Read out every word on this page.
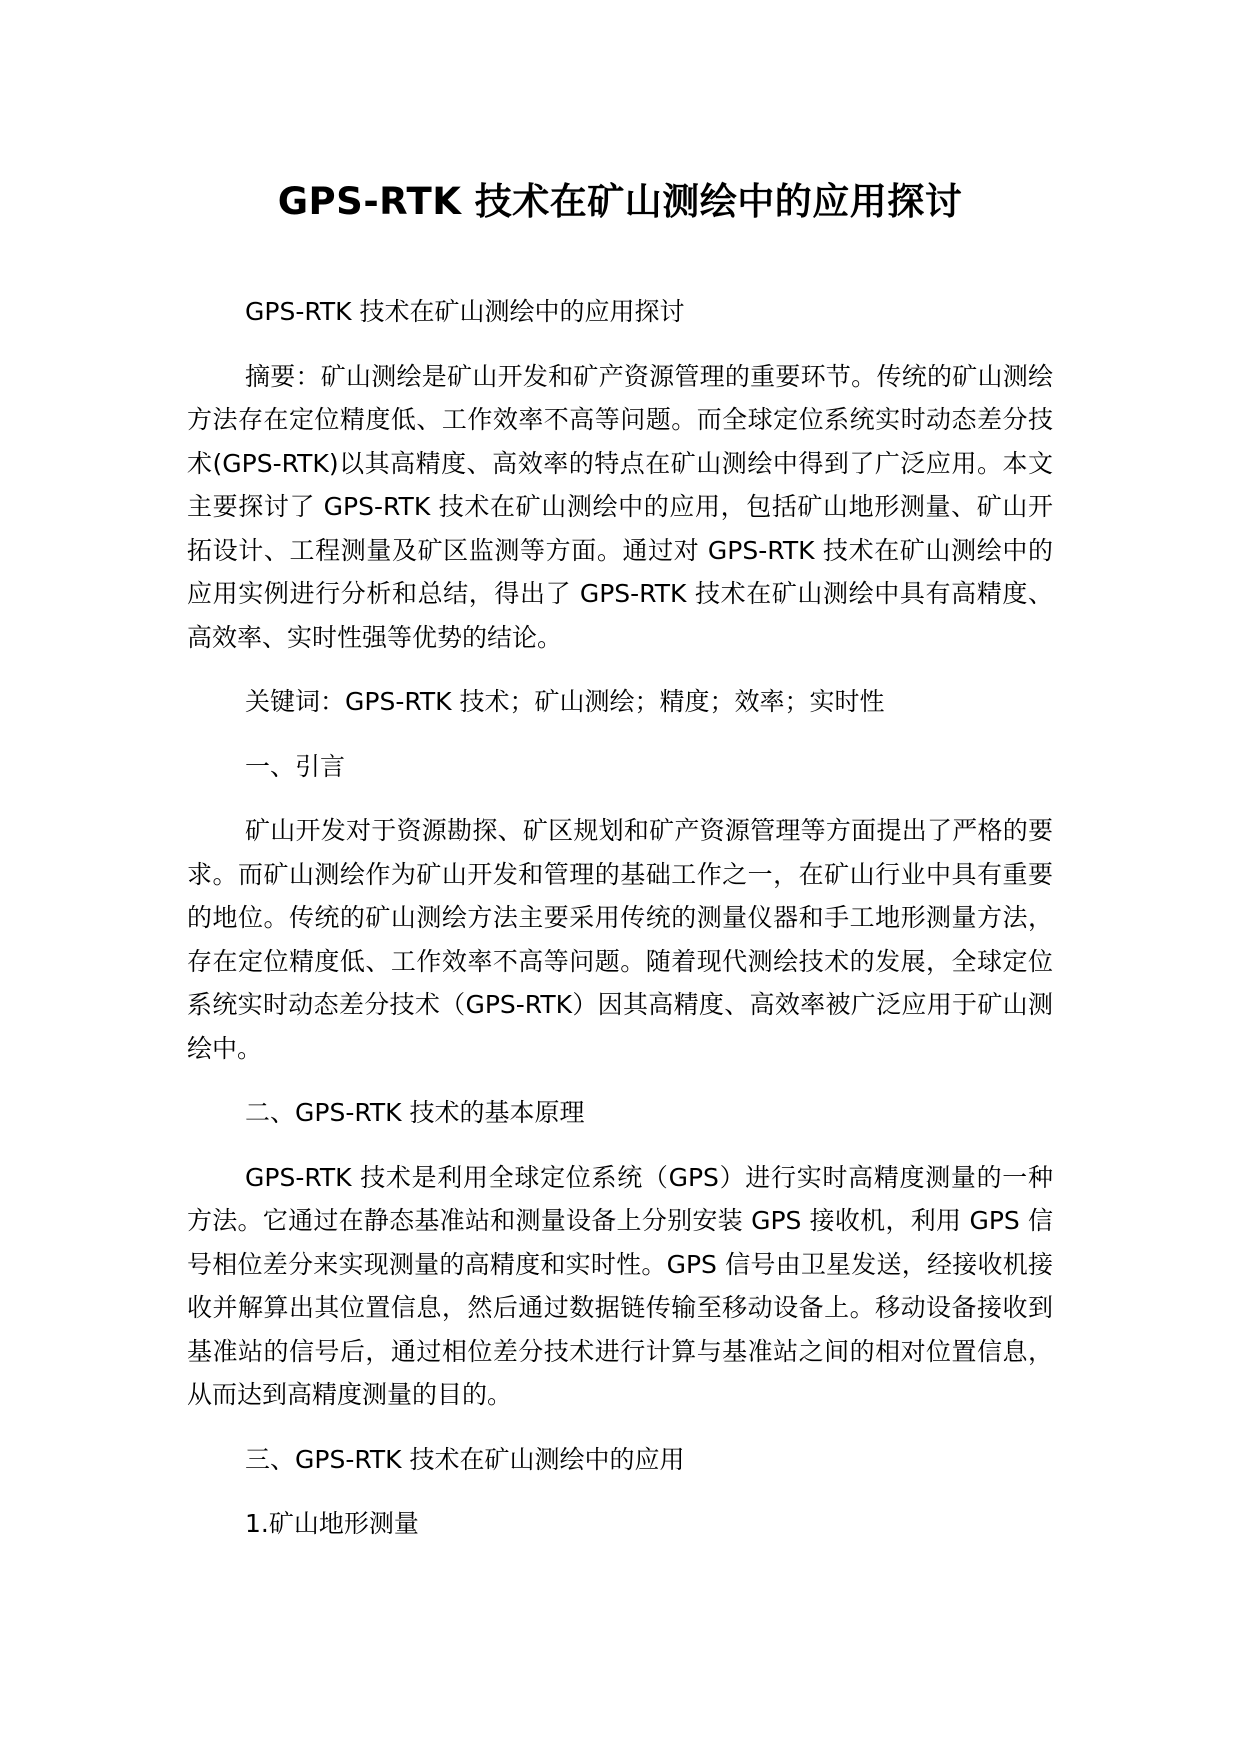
GPS-RTK 技术在矿山测绘中的应用探讨

GPS-RTK 技术在矿山测绘中的应用探讨

摘要：矿山测绘是矿山开发和矿产资源管理的重要环节。传统的矿山测绘方法存在定位精度低、工作效率不高等问题。而全球定位系统实时动态差分技术(GPS-RTK)以其高精度、高效率的特点在矿山测绘中得到了广泛应用。本文主要探讨了 GPS-RTK 技术在矿山测绘中的应用，包括矿山地形测量、矿山开拓设计、工程测量及矿区监测等方面。通过对 GPS-RTK 技术在矿山测绘中的应用实例进行分析和总结，得出了 GPS-RTK 技术在矿山测绘中具有高精度、高效率、实时性强等优势的结论。

关键词：GPS-RTK 技术；矿山测绘；精度；效率；实时性

一、引言

矿山开发对于资源勘探、矿区规划和矿产资源管理等方面提出了严格的要求。而矿山测绘作为矿山开发和管理的基础工作之一，在矿山行业中具有重要的地位。传统的矿山测绘方法主要采用传统的测量仪器和手工地形测量方法，存在定位精度低、工作效率不高等问题。随着现代测绘技术的发展，全球定位系统实时动态差分技术（GPS-RTK）因其高精度、高效率被广泛应用于矿山测绘中。

二、GPS-RTK 技术的基本原理

GPS-RTK 技术是利用全球定位系统（GPS）进行实时高精度测量的一种方法。它通过在静态基准站和测量设备上分别安装 GPS 接收机，利用 GPS 信号相位差分来实现测量的高精度和实时性。GPS 信号由卫星发送，经接收机接收并解算出其位置信息，然后通过数据链传输至移动设备上。移动设备接收到基准站的信号后，通过相位差分技术进行计算与基准站之间的相对位置信息，从而达到高精度测量的目的。

三、GPS-RTK 技术在矿山测绘中的应用

1.矿山地形测量
